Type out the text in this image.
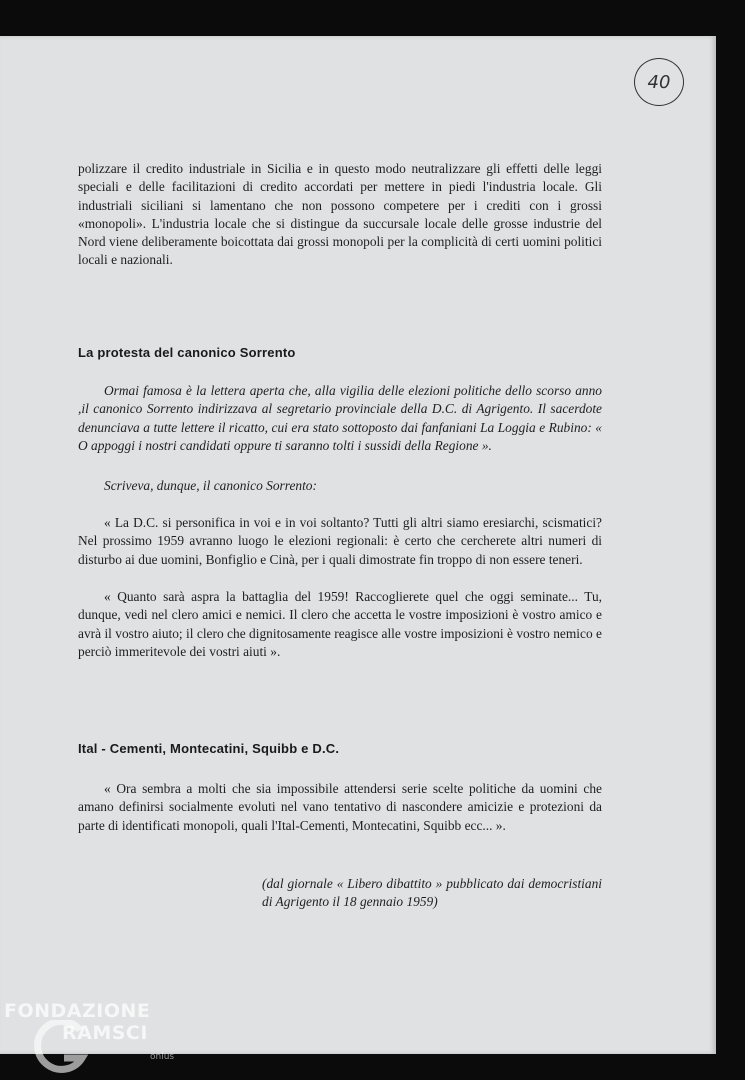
40

polizzare il credito industriale in Sicilia e in questo modo neutralizzare gli effetti delle leggi speciali e delle facilitazioni di credito accordati per mettere in piedi l'industria locale. Gli industriali siciliani si lamentano che non possono competere per i crediti con i grossi «monopoli». L'industria locale che si distingue da succursale locale delle grosse industrie del Nord viene deliberamente boicottata dai grossi monopoli per la complicità di certi uomini politici locali e nazionali.

La protesta del canonico Sorrento

Ormai famosa è la lettera aperta che, alla vigilia delle elezioni politiche dello scorso anno ,il canonico Sorrento indirizzava al segretario provinciale della D.C. di Agrigento. Il sacerdote denunciava a tutte lettere il ricatto, cui era stato sottoposto dai fanfaniani La Loggia e Rubino: « O appoggi i nostri candidati oppure ti saranno tolti i sussidi della Regione ».

Scriveva, dunque, il canonico Sorrento:

« La D.C. si personifica in voi e in voi soltanto? Tutti gli altri siamo eresiarchi, scismatici? Nel prossimo 1959 avranno luogo le elezioni regionali: è certo che cercherete altri numeri di disturbo ai due uomini, Bonfiglio e Cinà, per i quali dimostrate fin troppo di non essere teneri.

« Quanto sarà aspra la battaglia del 1959! Raccoglierete quel che oggi seminate... Tu, dunque, vedi nel clero amici e nemici. Il clero che accetta le vostre imposizioni è vostro amico e avrà il vostro aiuto; il clero che dignitosamente reagisce alle vostre imposizioni è vostro nemico e perciò immeritevole dei vostri aiuti ».

Ital - Cementi, Montecatini, Squibb e D.C.

« Ora sembra a molti che sia impossibile attendersi serie scelte politiche da uomini che amano definirsi socialmente evoluti nel vano tentativo di nascondere amicizie e protezioni da parte di identificati monopoli, quali l'Ital-Cementi, Montecatini, Squibb ecc... ».

(dal giornale « Libero dibattito » pubblicato dai democristiani di Agrigento il 18 gennaio 1959)

FONDAZIONE
RAMSCI
onlus
